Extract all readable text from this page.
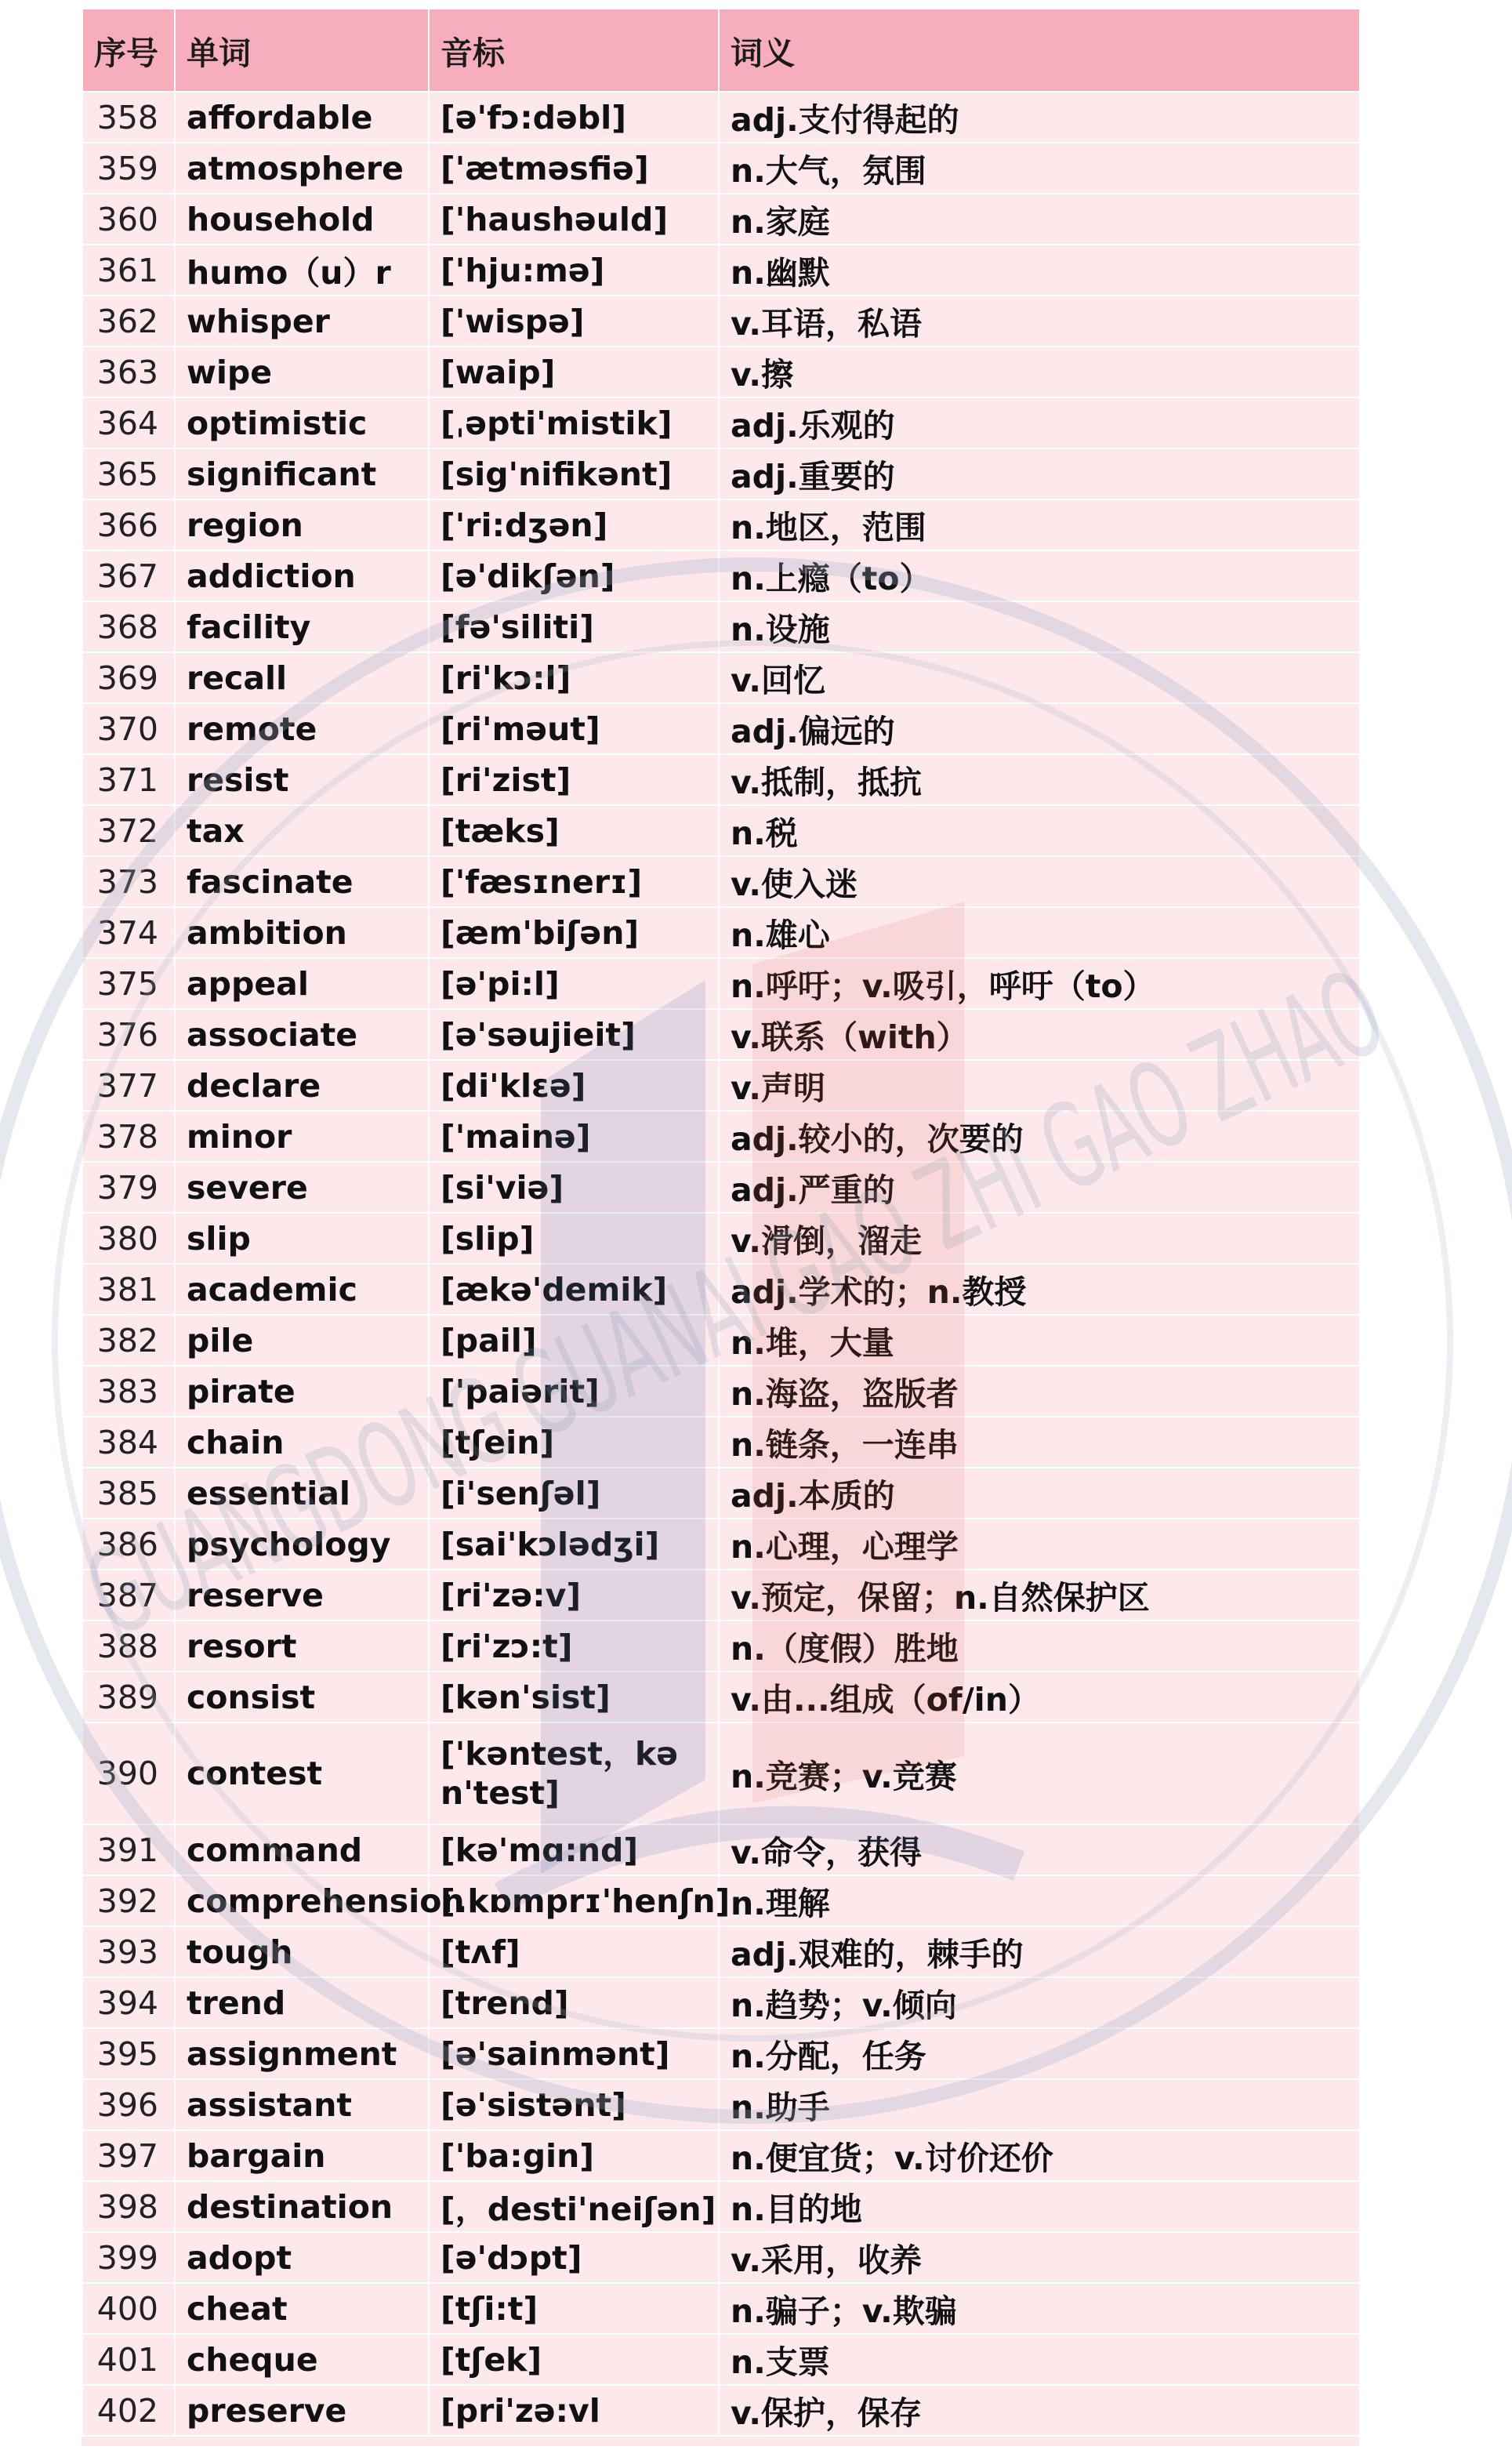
序号	单词	音标	词义
358	affordable	[ə'fɔ:dəbl]	adj.支付得起的
359	atmosphere	['ætməsfiə]	n.大气，氛围
360	household	['haushəuld]	n.家庭
361	humo（u）r	['hju:mə]	n.幽默
362	whisper	['wispə]	v.耳语，私语
363	wipe	[waip]	v.擦
364	optimistic	[ˌəpti'mistik]	adj.乐观的
365	significant	[sig'nifikənt]	adj.重要的
366	region	['ri:dʒən]	n.地区，范围
367	addiction	[ə'dikʃən]	n.上瘾（to）
368	facility	[fə'siliti]	n.设施
369	recall	[ri'kɔ:l]	v.回忆
370	remote	[ri'məut]	adj.偏远的
371	resist	[ri'zist]	v.抵制，抵抗
372	tax	[tæks]	n.税
373	fascinate	['fæsɪnerɪ]	v.使入迷
374	ambition	[æm'biʃən]	n.雄心
375	appeal	[ə'pi:l]	n.呼吁；v.吸引，呼吁（to）
376	associate	[ə'səujieit]	v.联系（with）
377	declare	[di'klɛə]	v.声明
378	minor	['mainə]	adj.较小的，次要的
379	severe	[si'viə]	adj.严重的
380	slip	[slip]	v.滑倒，溜走
381	academic	[ækə'demik]	adj.学术的；n.教授
382	pile	[pail]	n.堆，大量
383	pirate	['paiərit]	n.海盗，盗版者
384	chain	[tʃein]	n.链条，一连串
385	essential	[i'senʃəl]	adj.本质的
386	psychology	[sai'kɔlədʒi]	n.心理，心理学
387	reserve	[ri'zə:v]	v.预定，保留；n.自然保护区
388	resort	[ri'zɔ:t]	n.（度假）胜地
389	consist	[kən'sist]	v.由...组成（of/in）
390	contest	['kəntest，kən'test]	n.竞赛；v.竞赛
391	command	[kə'mɑ:nd]	v.命令，获得
392	comprehension	[.kɒmprɪ'henʃn]	n.理解
393	tough	[tʌf]	adj.艰难的，棘手的
394	trend	[trend]	n.趋势；v.倾向
395	assignment	[ə'sainmənt]	n.分配，任务
396	assistant	[ə'sistənt]	n.助手
397	bargain	['ba:gin]	n.便宜货；v.讨价还价
398	destination	[，desti'neiʃən]	n.目的地
399	adopt	[ə'dɔpt]	v.采用，收养
400	cheat	[tʃi:t]	n.骗子；v.欺骗
401	cheque	[tʃek]	n.支票
402	preserve	[pri'zə:vl	v.保护，保存
